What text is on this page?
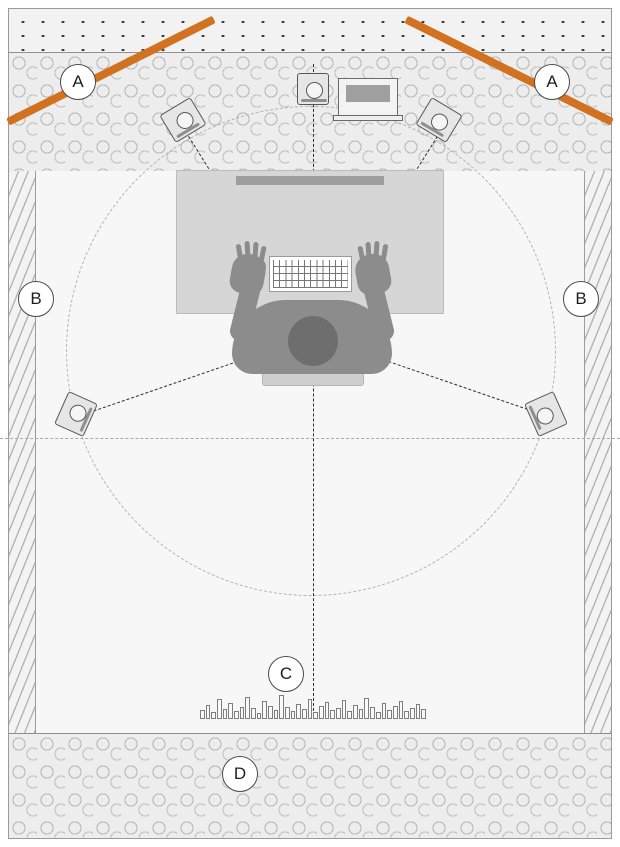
A	A
B	B
C
D
